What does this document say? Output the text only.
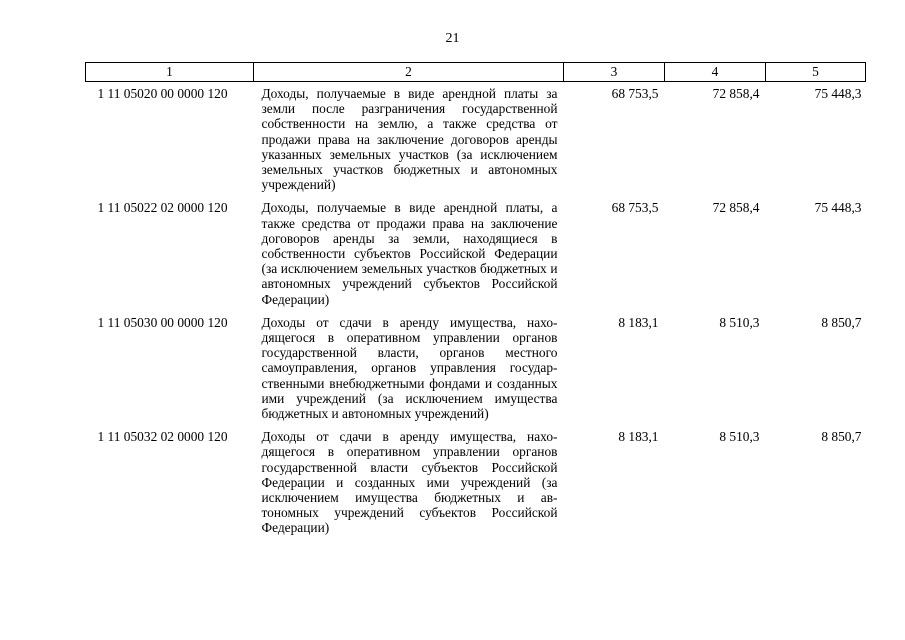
21
1	2	3	4	5
1 11 05020 00 0000 120	Доходы, получаемые в виде арендной платы за земли после разграничения государственной собственности на землю, а также средства от продажи права на заключение договоров аренды указанных земельных участков (за исключением земельных участков бюджетных и автономных учреждений)	68 753,5	72 858,4	75 448,3
1 11 05022 02 0000 120	Доходы, получаемые в виде арендной платы, а также средства от продажи права на заключение договоров аренды за земли, находящиеся в собственности субъектов Российской Федерации (за исключением земельных участков бюджетных и автономных учреждений субъектов Российской Федерации)	68 753,5	72 858,4	75 448,3
1 11 05030 00 0000 120	Доходы от сдачи в аренду имущества, находящегося в оперативном управлении органов государственной власти, органов местного самоуправления, органов управления государственными внебюджетными фондами и созданных ими учреждений (за исключением имущества бюджетных и автономных учреждений)	8 183,1	8 510,3	8 850,7
1 11 05032 02 0000 120	Доходы от сдачи в аренду имущества, находящегося в оперативном управлении органов государственной власти субъектов Российской Федерации и созданных ими учреждений (за исключением имущества бюджетных и автономных учреждений субъектов Российской Федерации)	8 183,1	8 510,3	8 850,7
